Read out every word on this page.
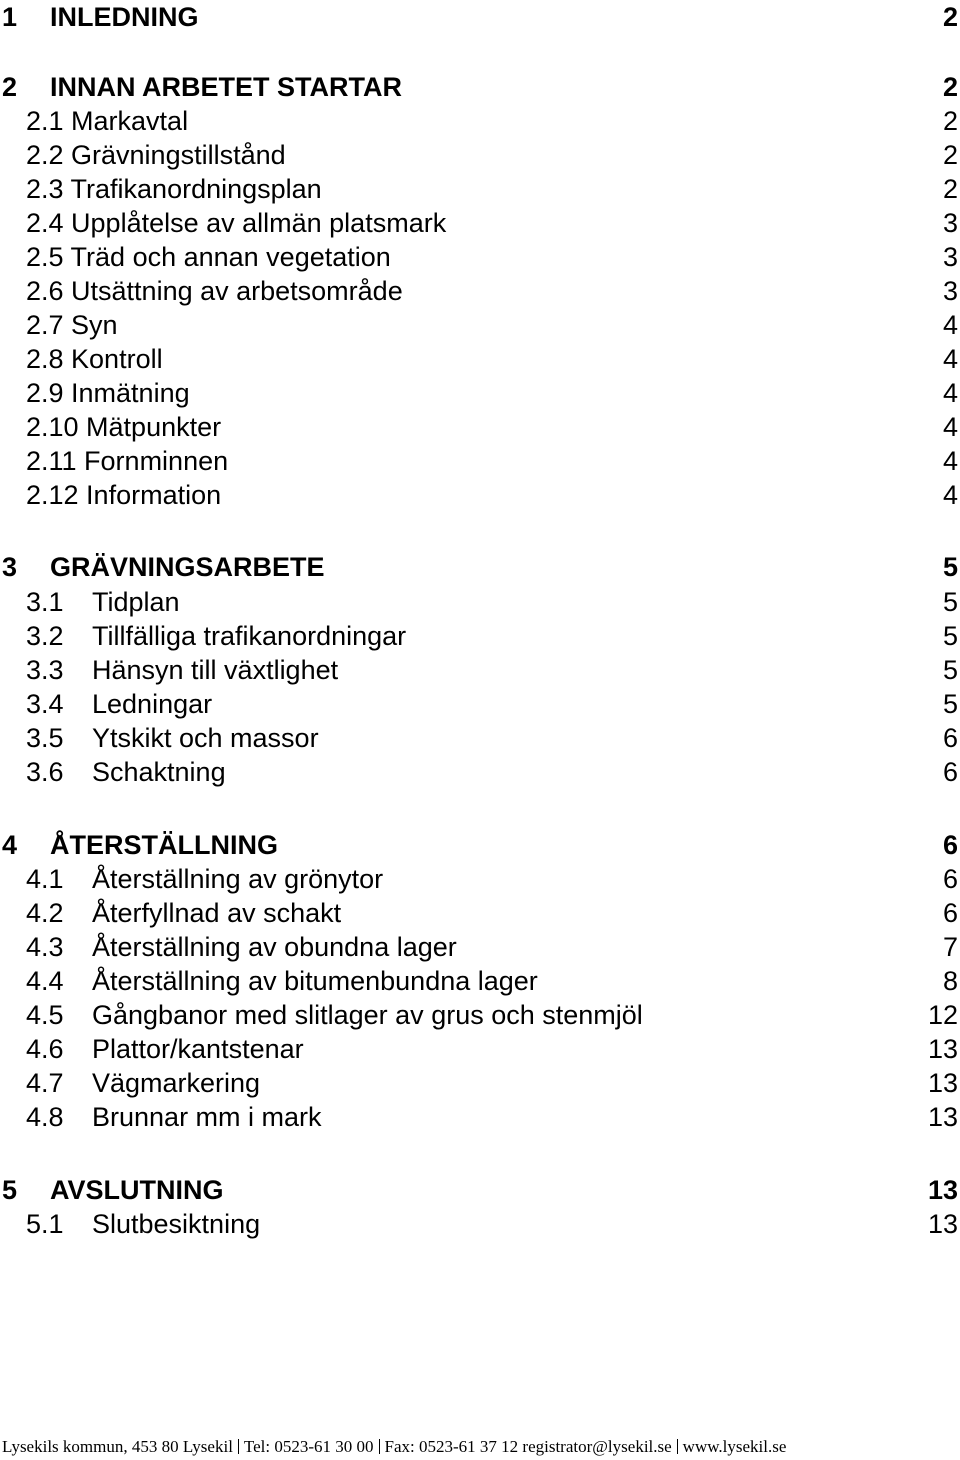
1 INLEDNING	2
2 INNAN ARBETET STARTAR	2
2.1 Markavtal	2
2.2 Grävningstillstånd	2
2.3 Trafikanordningsplan	2
2.4 Upplåtelse av allmän platsmark	3
2.5 Träd och annan vegetation	3
2.6 Utsättning av arbetsområde	3
2.7 Syn	4
2.8 Kontroll	4
2.9 Inmätning	4
2.10 Mätpunkter	4
2.11 Fornminnen	4
2.12 Information	4
3 GRÄVNINGSARBETE	5
3.1 Tidplan	5
3.2 Tillfälliga trafikanordningar	5
3.3 Hänsyn till växtlighet	5
3.4 Ledningar	5
3.5 Ytskikt och massor	6
3.6 Schaktning	6
4 ÅTERSTÄLLNING	6
4.1 Återställning av grönytor	6
4.2 Återfyllnad av schakt	6
4.3 Återställning av obundna lager	7
4.4 Återställning av bitumenbundna lager	8
4.5 Gångbanor med slitlager av grus och stenmjöl	12
4.6 Plattor/kantstenar	13
4.7 Vägmarkering	13
4.8 Brunnar mm i mark	13
5 AVSLUTNING	13
5.1 Slutbesiktning	13
Lysekils kommun, 453 80 Lysekil Tel: 0523-61 30 00 Fax: 0523-61 37 12 registrator@lysekil.se www.lysekil.se
